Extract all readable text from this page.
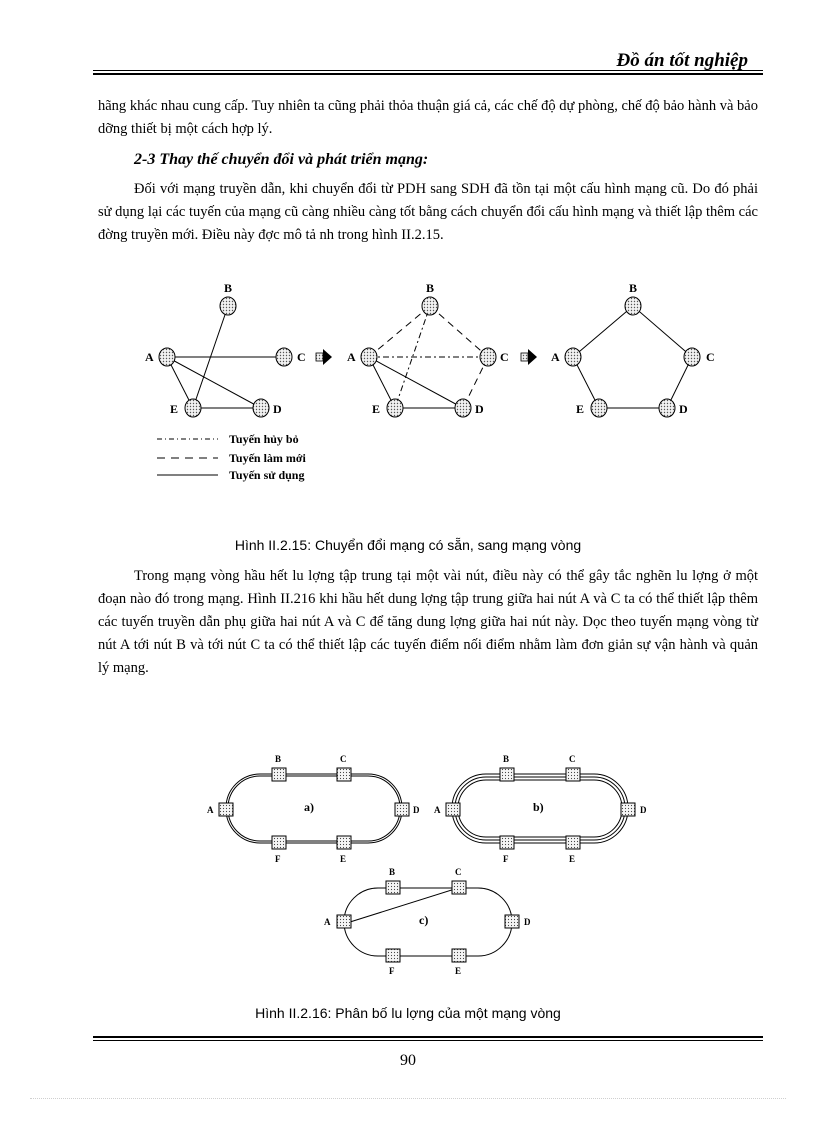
Đồ án tốt nghiệp

hãng khác nhau cung cấp. Tuy nhiên ta cũng phải thỏa thuận giá cả, các chế độ dự phòng, chế độ bảo hành và bảo dỡng thiết bị một cách hợp lý.

2-3 Thay thế chuyển đổi và phát triển mạng:

Đối với mạng truyền dẫn, khi chuyển đổi từ PDH sang SDH đã tồn tại một cấu hình mạng cũ. Do đó phải sử dụng lại các tuyến của mạng cũ càng nhiều càng tốt bằng cách chuyển đổi cấu hình mạng và thiết lập thêm các đờng truyền mới. Điều này đợc mô tả nh trong hình II.2.15.

B
A	C
E	D
B
A	C
E	D
B
A	C
E	D
Tuyến hủy bỏ
Tuyến làm mới
Tuyến sử dụng
B	C
A	D
F	E
a)
B	C
A	D
F	E
b)
B	C
A	D
F	E
c)
Hình II.2.15: Chuyển đổi mạng có sẵn, sang mạng vòng

Trong mạng vòng hầu hết lu lợng tập trung tại một vài nút, điều này có thể gây tắc nghẽn lu lợng ở một đoạn nào đó trong mạng. Hình II.216 khi hầu hết dung lợng tập trung giữa hai nút A và C ta có thể thiết lập thêm các tuyến truyền dẫn phụ giữa hai nút A và C để tăng dung lợng giữa hai nút này. Dọc theo tuyến mạng vòng từ nút A tới nút B và tới nút C ta có thể thiết lập các tuyến điểm nối điểm nhằm làm đơn giản sự vận hành và quản lý mạng.

Hình II.2.16: Phân bố lu lợng của một mạng vòng
90
